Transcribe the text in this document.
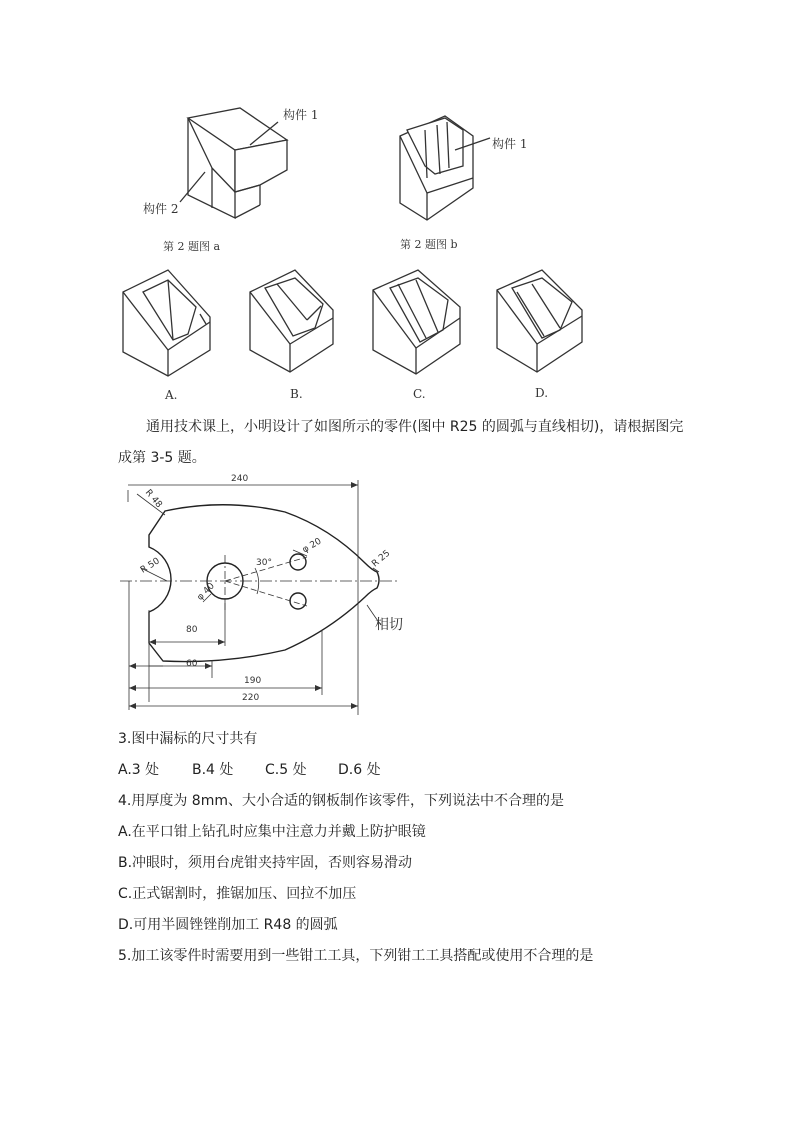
构件 1
构件 2
第 2 题图 a
构件 1
第 2 题图 b
A.	B.	C.	D.
通用技术课上，小明设计了如图所示的零件(图中 R25 的圆弧与直线相切)，请根据图完
成第 3-5 题。
240
R 48
R 50
φ 40
30°
φ 20
R 25
80
60
190
220
相切
3.图中漏标的尺寸共有
A.3 处 B.4 处 C.5 处 D.6 处
4.用厚度为 8mm、大小合适的钢板制作该零件，下列说法中不合理的是
A.在平口钳上钻孔时应集中注意力并戴上防护眼镜
B.冲眼时，须用台虎钳夹持牢固，否则容易滑动
C.正式锯割时，推锯加压、回拉不加压
D.可用半圆锉锉削加工 R48 的圆弧
5.加工该零件时需要用到一些钳工工具，下列钳工工具搭配或使用不合理的是
